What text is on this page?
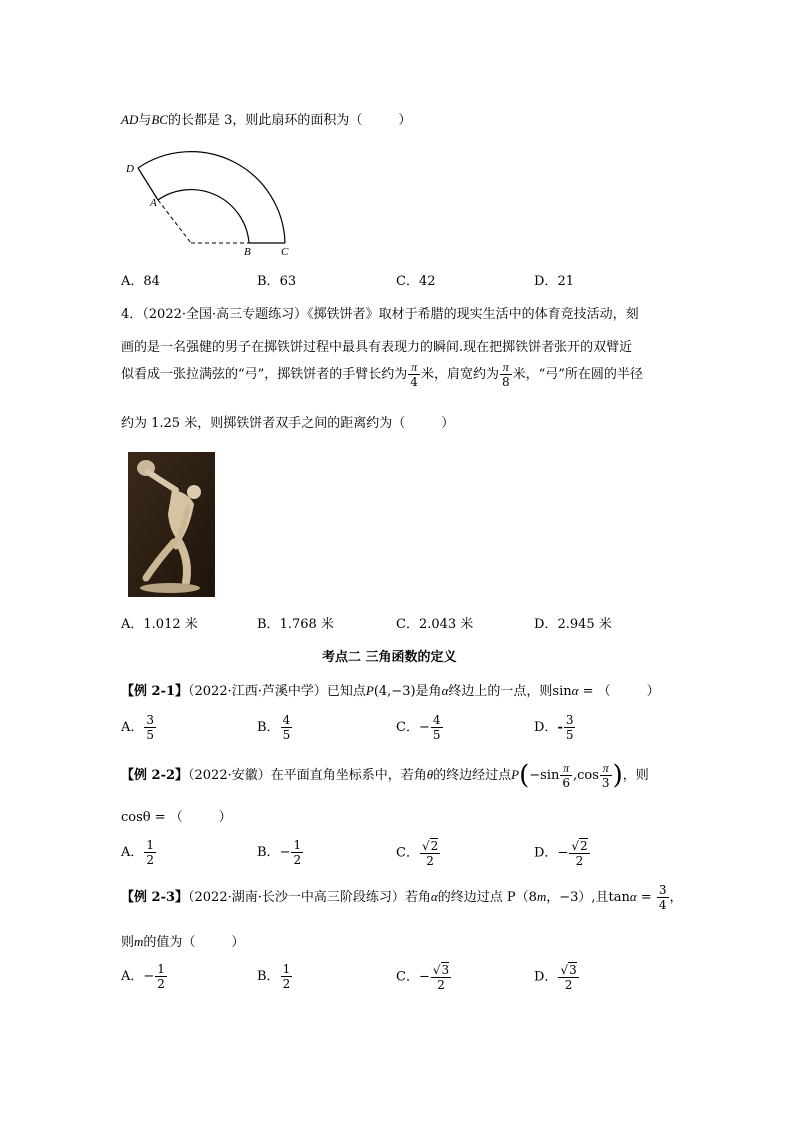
AD与BC的长都是 3，则此扇环的面积为（	）
D
A
B	C
A．84	B．63	C．42	D．21
4．（2022·全国·高三专题练习）《掷铁饼者》取材于希腊的现实生活中的体育竞技活动，刻
画的是一名强健的男子在掷铁饼过程中最具有表现力的瞬间.现在把掷铁饼者张开的双臂近
似看成一张拉满弦的“弓”，掷铁饼者的手臂长约为 $\frac{\pi}{4}$ 米，肩宽约为 $\frac{\pi}{8}$ 米，“弓”所在圆的半径
约为 1.25 米，则掷铁饼者双手之间的距离约为（	）
A．1.012 米	B．1.768 米	C．2.043 米	D．2.945 米
考点二 三角函数的定义
【例 2-1】（2022·江西·芦溪中学）已知点P(4,−3)是角α终边上的一点，则sinα = （	）
A． $\frac{3}{5}$	B． $\frac{4}{5}$	C．− $\frac{4}{5}$	D．- $\frac{3}{5}$
【例 2-2】（2022·安徽）在平面直角坐标系中，若角θ的终边经过点$P(-\sin \frac{\pi}{6} ,\cos \frac{\pi}{3}$ )，则
cosθ = （	）
A． $\frac{1}{2}$	B．− $\frac{1}{2}$	C． $\frac{√2}{2}$	D．− $\frac{√2}{2}$
【例 2-3】（2022·湖南·长沙一中高三阶段练习）若角α的终边过点 P（8m，−3）,且$\tan\alpha = \frac{3}{4}$ ，
则m的值为（	）
A．− $\frac{1}{2}$	B． $\frac{1}{2}$	C．− $\frac{√3}{2}$	D． $\frac{√3}{2}$
